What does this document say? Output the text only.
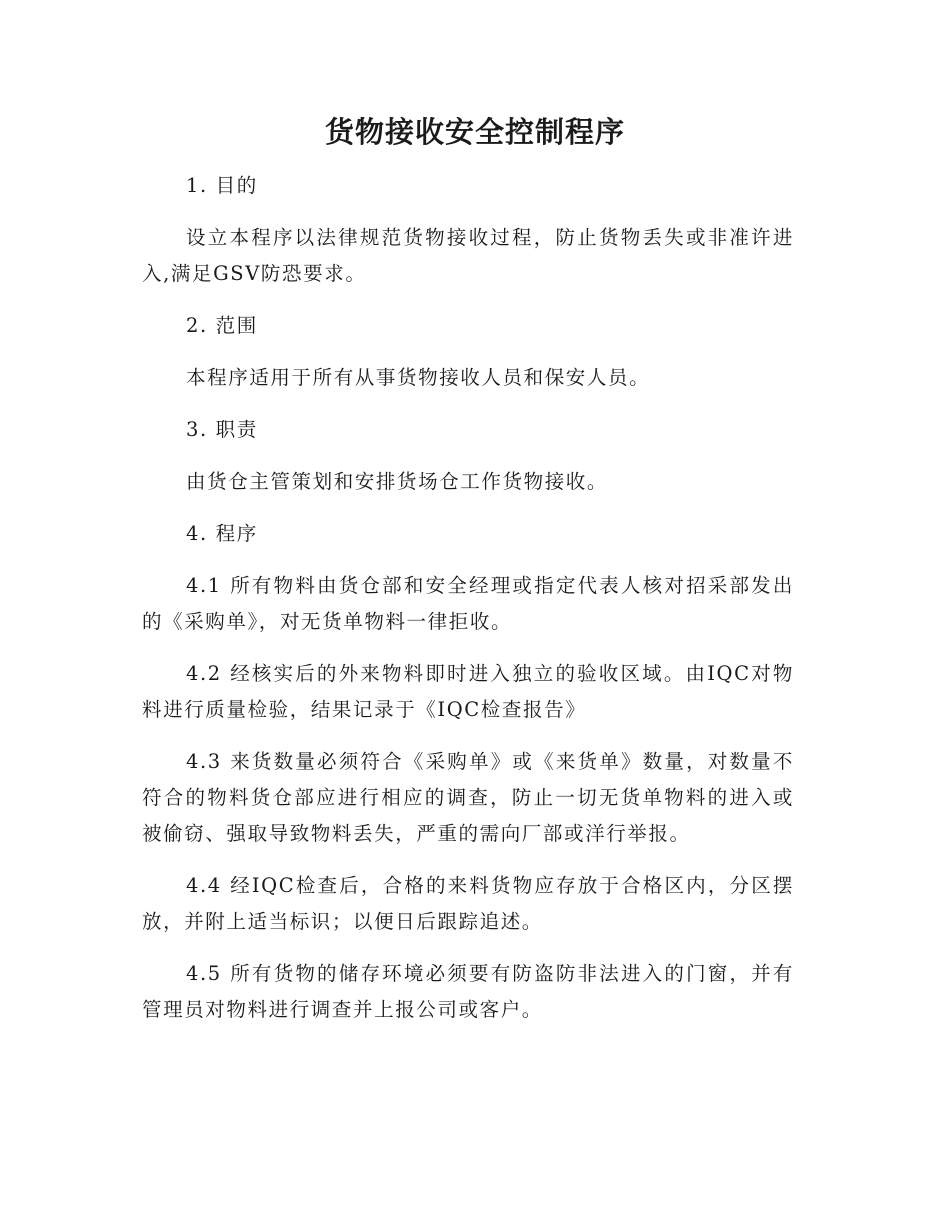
货物接收安全控制程序

1. 目的

设立本程序以法律规范货物接收过程，防止货物丢失或非准许进入,满足GSV防恐要求。

2. 范围

本程序适用于所有从事货物接收人员和保安人员。

3. 职责

由货仓主管策划和安排货场仓工作货物接收。

4. 程序

4.1 所有物料由货仓部和安全经理或指定代表人核对招采部发出的《采购单》，对无货单物料一律拒收。

4.2 经核实后的外来物料即时进入独立的验收区域。由IQC对物料进行质量检验，结果记录于《IQC检查报告》

4.3 来货数量必须符合《采购单》或《来货单》数量，对数量不符合的物料货仓部应进行相应的调查，防止一切无货单物料的进入或被偷窃、强取导致物料丢失，严重的需向厂部或洋行举报。

4.4 经IQC检查后，合格的来料货物应存放于合格区内，分区摆放，并附上适当标识；以便日后跟踪追述。

4.5 所有货物的储存环境必须要有防盗防非法进入的门窗，并有管理员对物料进行调查并上报公司或客户。
